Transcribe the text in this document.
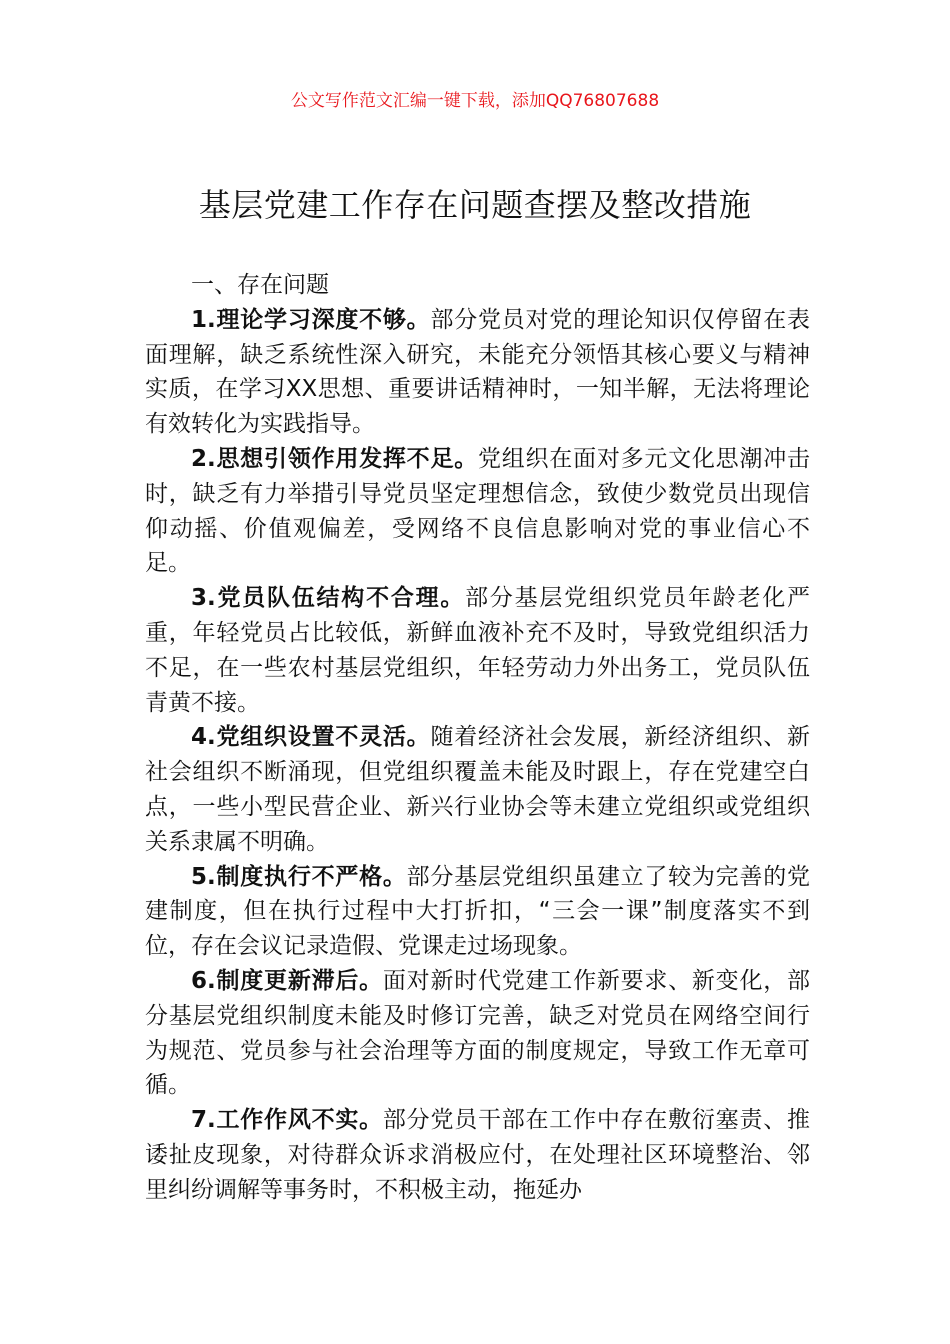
公文写作范文汇编一键下载，添加QQ76807688
基层党建工作存在问题查摆及整改措施

一、存在问题

1.理论学习深度不够。部分党员对党的理论知识仅停留在表面理解，缺乏系统性深入研究，未能充分领悟其核心要义与精神实质，在学习XX思想、重要讲话精神时，一知半解，无法将理论有效转化为实践指导。

2.思想引领作用发挥不足。党组织在面对多元文化思潮冲击时，缺乏有力举措引导党员坚定理想信念，致使少数党员出现信仰动摇、价值观偏差，受网络不良信息影响对党的事业信心不足。

3.党员队伍结构不合理。部分基层党组织党员年龄老化严重，年轻党员占比较低，新鲜血液补充不及时，导致党组织活力不足，在一些农村基层党组织，年轻劳动力外出务工，党员队伍青黄不接。

4.党组织设置不灵活。随着经济社会发展，新经济组织、新社会组织不断涌现，但党组织覆盖未能及时跟上，存在党建空白点，一些小型民营企业、新兴行业协会等未建立党组织或党组织关系隶属不明确。

5.制度执行不严格。部分基层党组织虽建立了较为完善的党建制度，但在执行过程中大打折扣，“三会一课”制度落实不到位，存在会议记录造假、党课走过场现象。

6.制度更新滞后。面对新时代党建工作新要求、新变化，部分基层党组织制度未能及时修订完善，缺乏对党员在网络空间行为规范、党员参与社会治理等方面的制度规定，导致工作无章可循。

7.工作作风不实。部分党员干部在工作中存在敷衍塞责、推诿扯皮现象，对待群众诉求消极应付，在处理社区环境整治、邻里纠纷调解等事务时，不积极主动，拖延办
